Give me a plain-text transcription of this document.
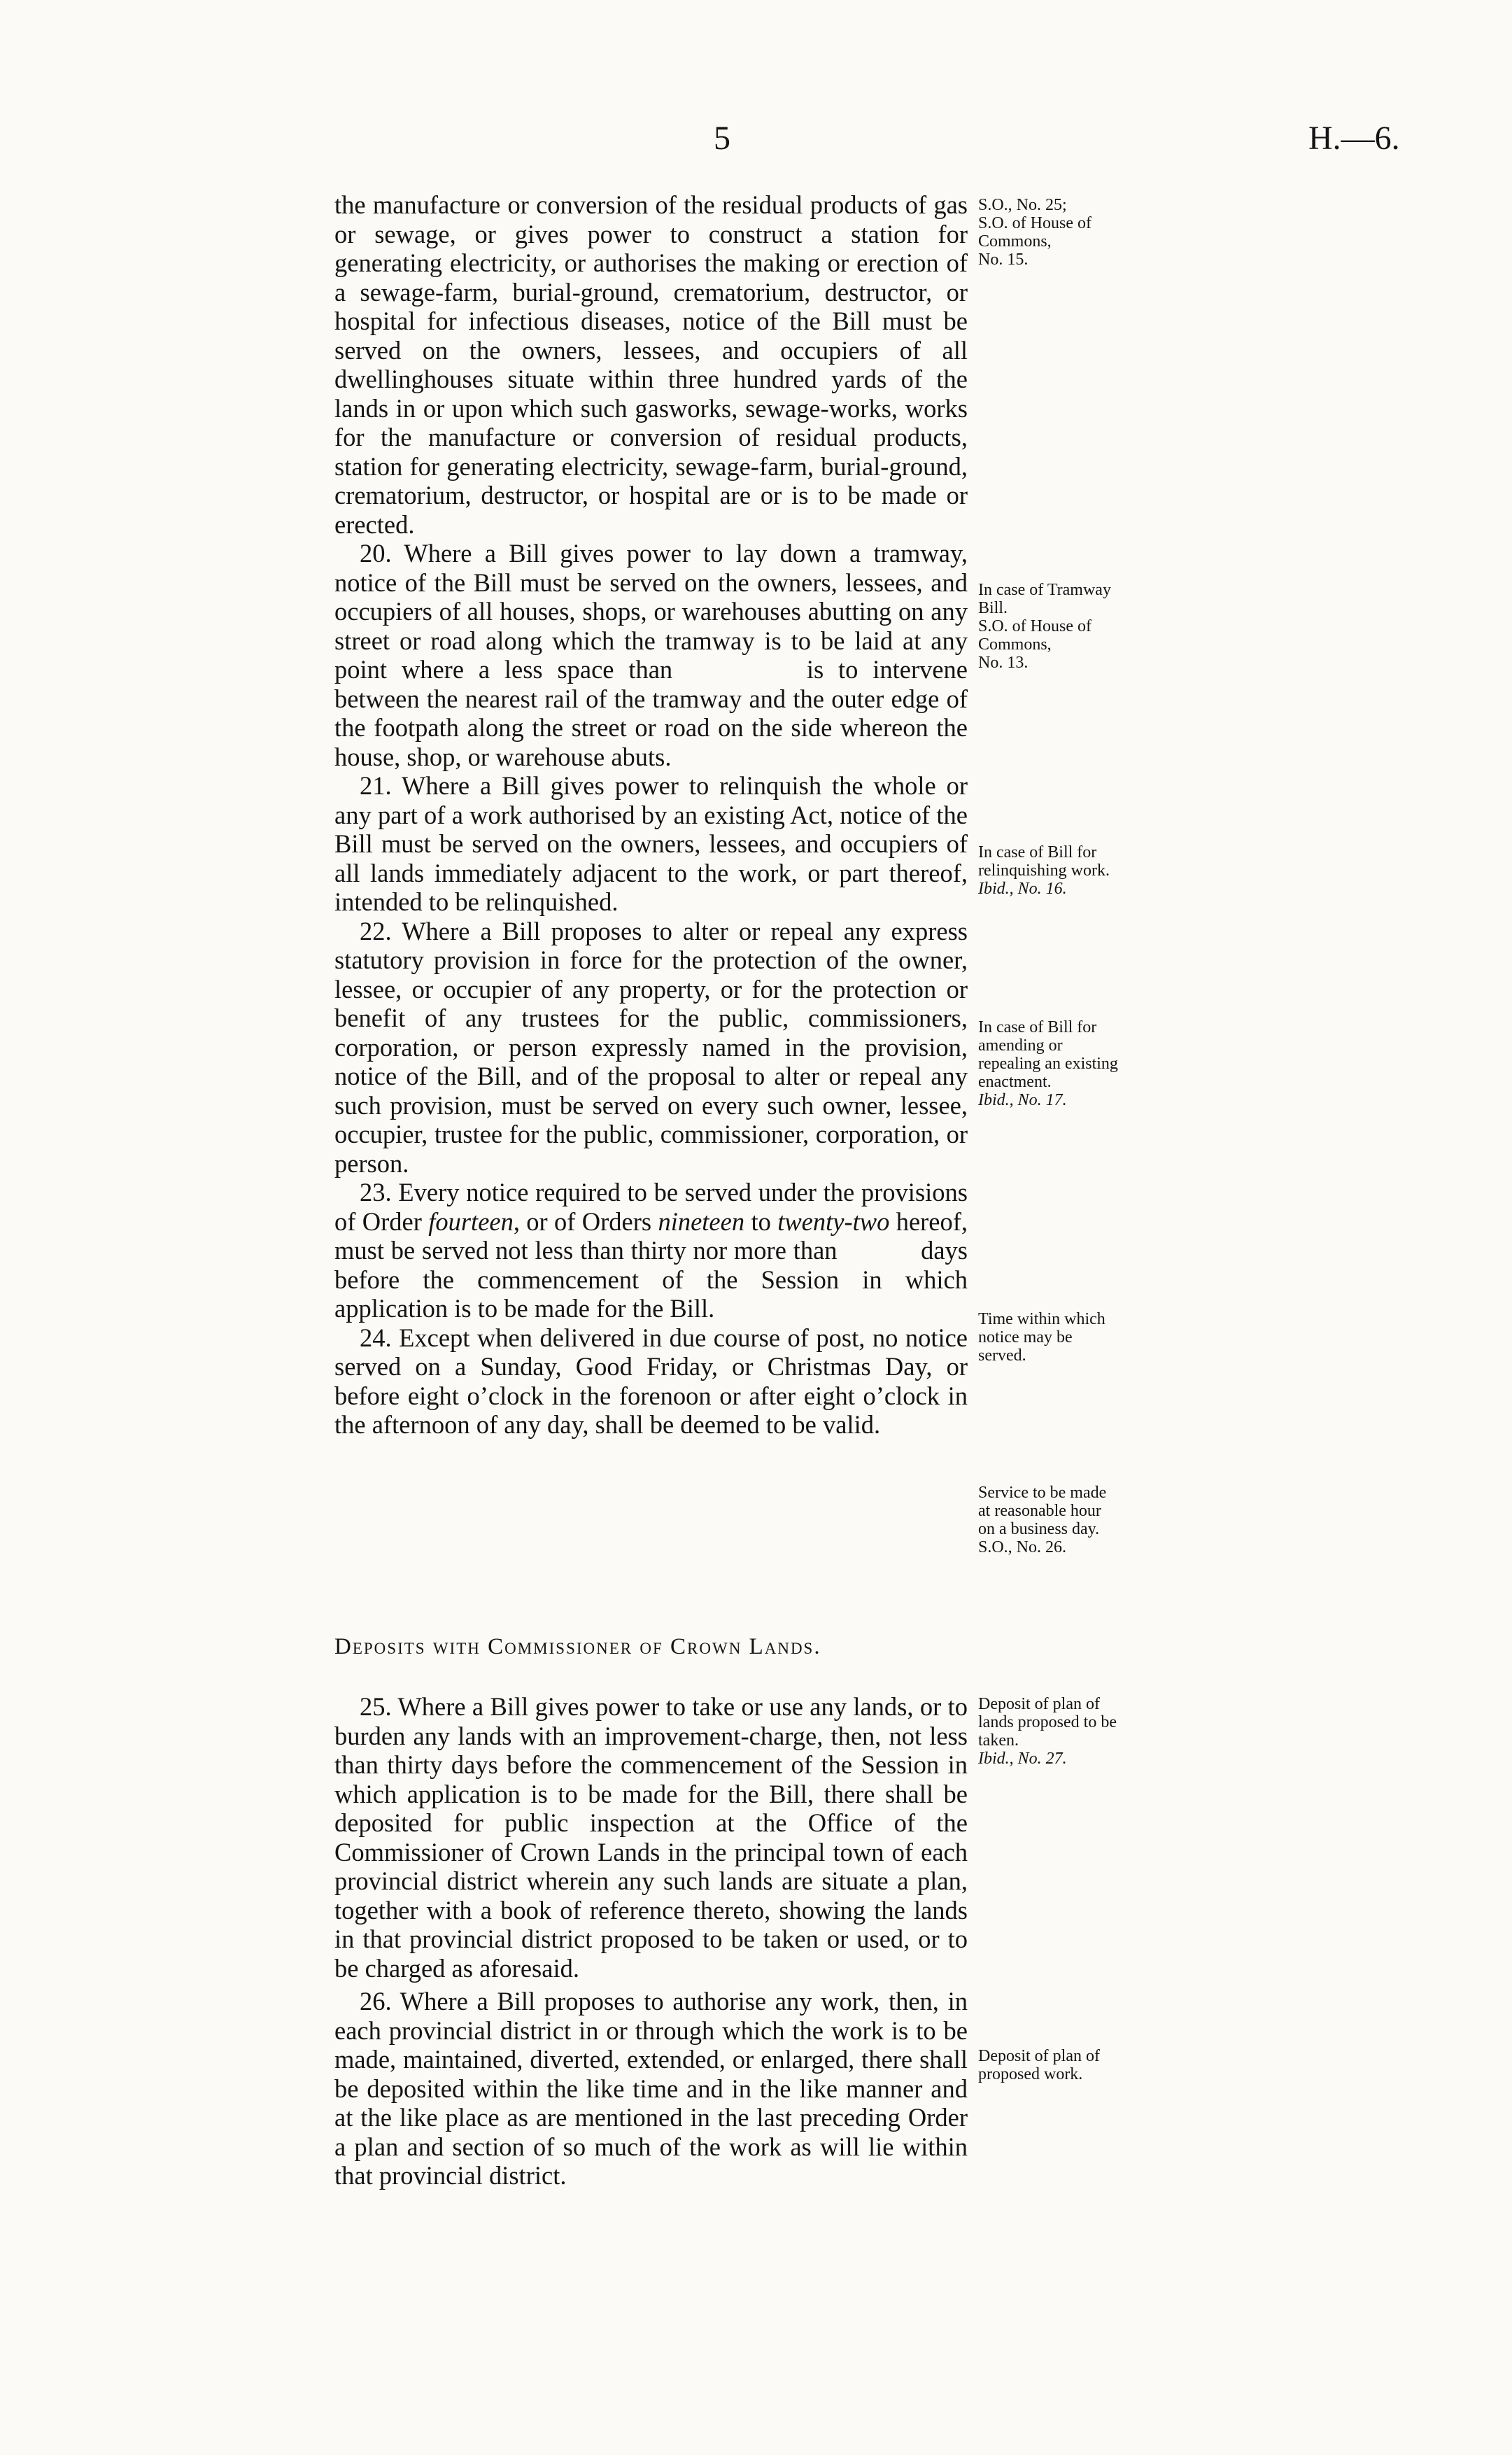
5	H.—6.

the manufacture or conversion of the residual products of gas or sewage, or gives power to construct a station for generating electricity, or authorises the making or erection of a sewage-farm, burial-ground, crematorium, destructor, or hospital for infectious diseases, notice of the Bill must be served on the owners, lessees, and occupiers of all dwellinghouses situate within three hundred yards of the lands in or upon which such gasworks, sewage-works, works for the manufacture or conversion of residual products, station for generating electricity, sewage-farm, burial-ground, crematorium, destructor, or hospital are or is to be made or erected.

20. Where a Bill gives power to lay down a tramway, notice of the Bill must be served on the owners, lessees, and occupiers of all houses, shops, or warehouses abutting on any street or road along which the tramway is to be laid at any point where a less space than	is to intervene between the nearest rail of the tramway and the outer edge of the footpath along the street or road on the side whereon the house, shop, or warehouse abuts.

21. Where a Bill gives power to relinquish the whole or any part of a work authorised by an existing Act, notice of the Bill must be served on the owners, lessees, and occupiers of all lands immediately adjacent to the work, or part thereof, intended to be relinquished.

22. Where a Bill proposes to alter or repeal any express statutory provision in force for the protection of the owner, lessee, or occupier of any property, or for the protection or benefit of any trustees for the public, commissioners, corporation, or person expressly named in the provision, notice of the Bill, and of the proposal to alter or repeal any such provision, must be served on every such owner, lessee, occupier, trustee for the public, commissioner, corporation, or person.

23. Every notice required to be served under the provisions of Order fourteen, or of Orders nineteen to twenty-two hereof, must be served not less than thirty nor more than	days before the commencement of the Session in which application is to be made for the Bill.

24. Except when delivered in due course of post, no notice served on a Sunday, Good Friday, or Christmas Day, or before eight o’clock in the forenoon or after eight o’clock in the afternoon of any day, shall be deemed to be valid.

Deposits with Commissioner of Crown Lands.

25. Where a Bill gives power to take or use any lands, or to burden any lands with an improvement-charge, then, not less than thirty days before the commencement of the Session in which application is to be made for the Bill, there shall be deposited for public inspection at the Office of the Commissioner of Crown Lands in the principal town of each provincial district wherein any such lands are situate a plan, together with a book of reference thereto, showing the lands in that provincial district proposed to be taken or used, or to be charged as aforesaid.

26. Where a Bill proposes to authorise any work, then, in each provincial district in or through which the work is to be made, maintained, diverted, extended, or enlarged, there shall be deposited within the like time and in the like manner and at the like place as are mentioned in the last preceding Order a plan and section of so much of the work as will lie within that provincial district.

S.O., No. 25;
S.O. of House of Commons,
No. 15.
In case of Tramway Bill.
S.O. of House of Commons,
No. 13.
In case of Bill for relinquishing work.
Ibid., No. 16.
In case of Bill for amending or repealing an existing enactment.
Ibid., No. 17.
Time within which notice may be served.
Service to be made at reasonable hour on a business day.
S.O., No. 26.
Deposit of plan of lands proposed to be taken.
Ibid., No. 27.
Deposit of plan of proposed work.
